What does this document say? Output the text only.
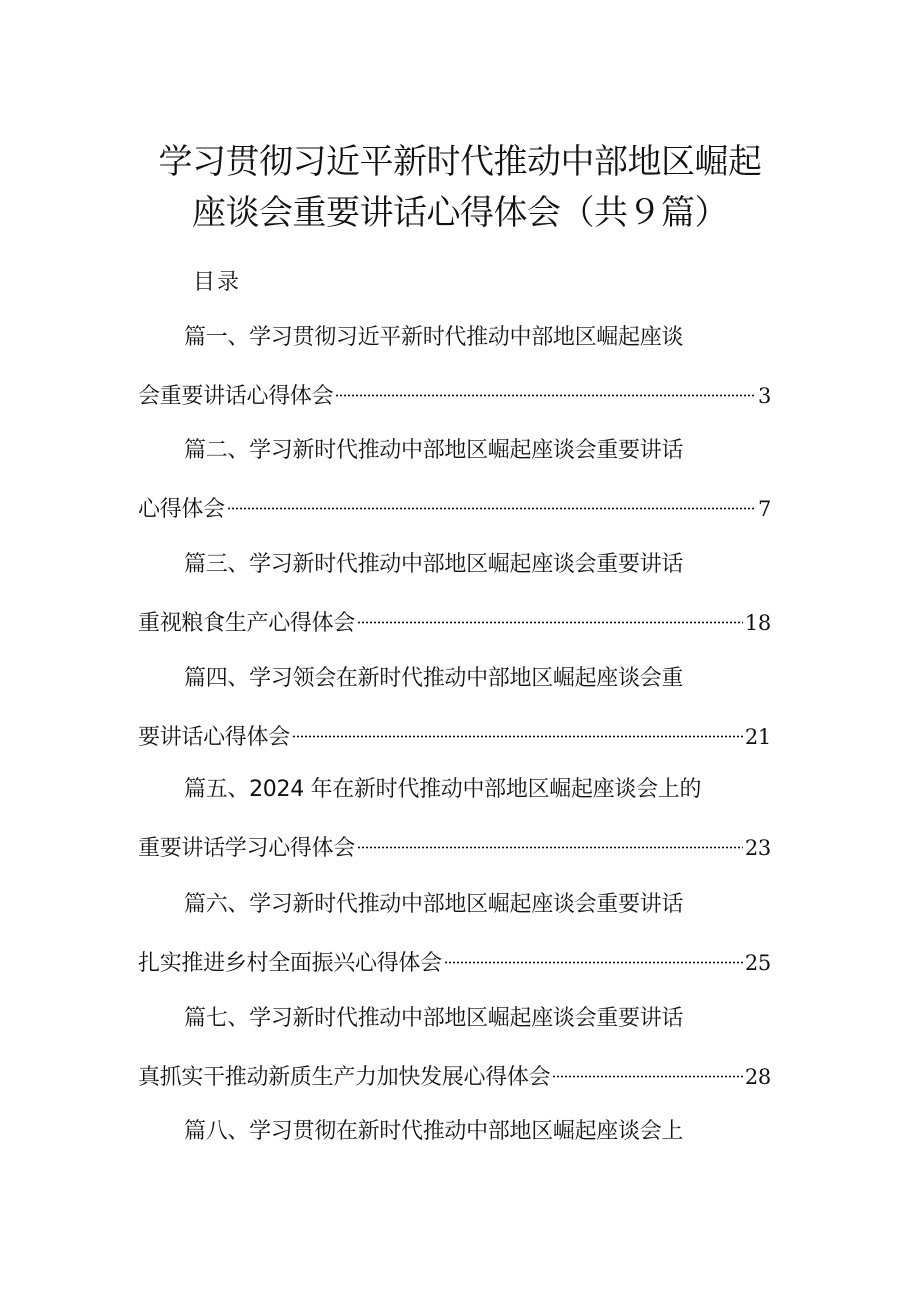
学习贯彻习近平新时代推动中部地区崛起
座谈会重要讲话心得体会（共９篇）
目录
篇一、学习贯彻习近平新时代推动中部地区崛起座谈
会重要讲话心得体会	3
篇二、学习新时代推动中部地区崛起座谈会重要讲话
心得体会	7
篇三、学习新时代推动中部地区崛起座谈会重要讲话
重视粮食生产心得体会	18
篇四、学习领会在新时代推动中部地区崛起座谈会重
要讲话心得体会	21
篇五、2024 年在新时代推动中部地区崛起座谈会上的
重要讲话学习心得体会	23
篇六、学习新时代推动中部地区崛起座谈会重要讲话
扎实推进乡村全面振兴心得体会	25
篇七、学习新时代推动中部地区崛起座谈会重要讲话
真抓实干推动新质生产力加快发展心得体会	28
篇八、学习贯彻在新时代推动中部地区崛起座谈会上
